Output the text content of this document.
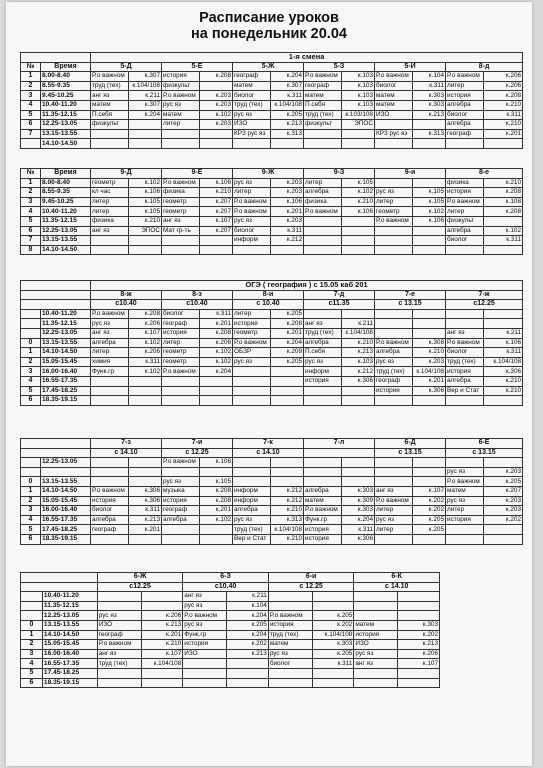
Расписание уроков
на понедельник 20.04
		1-я смена											
№	Время	5-Д		5-Е		5-Ж		5-З		5-И		8-д	
1	8.00-8.40	Р.о важном	к.307	история	к.208	географ	к.204	Р.о важном	к.103	Р.о важном	к.104	Р.о важном	к.206
2	8.55-9.35	труд (тех)	к.104/108	физкульт		матем	к.307	географ	к.103	биолог	к.311	литер	к.206
3	9.45-10.25	анг яз	к.211	Р.о важном	к.203	биолог	к.311	матем	к.103	матем	к.303	история	к.208
4	10.40-11.20	матем	к.307	рус яз	к.203	труд (тех)	к.104/108	П.себя	к.103	матем	к.303	алгебра	к.210
5	11.35-12.15	П.себя	к.204	матем	к.102	рус яз	к.205	труд (тех)	к.103/108	ИЗО	к.213	биолог	к.311
6	12.25-13.05	физкульт		литер	к.203	ИЗО	к.213	физкульт	ЭПОС			алгебра	к.210
7	13.15-13.55					КРЗ рус яз	к.313			КРЗ рус яз	к.313	географ	к.201
	14.10-14.50												
№	Время	9-Д		9-Е		9-Ж		9-З		9-и		8-е	
1	8.00-8.40	геометр	к.102	Р.о важном	к.106	рус яз	к.203	литер	к.105			физика	к.210
2	8.55-9.35	кл час	к.106	физика	к.210	литер	к.203	алгебра	к.102	рус яз	к.105	история	к.208
3	9.45-10.25	литер	к.105	геометр	к.207	Р.о важном	к.106	физика	к.210	литер	к.105	Р.о важном	к.108
4	10.40-11.20	литер	к.105	геометр	к.207	Р.о важном	к.201	Р.о важном	к.106	геометр	к.102	литер	к.208
5	11.35-12.15	физика	к.210	анг яз	к.107	рус яз	к.203			Р.о важном	к.106	физкульт	
6	12.25-13.05	анг яз	ЭПОС	Мат гр-ть	к.207	биолог	к.311					алгебра	к.102
7	13.15-13.55					информ	к.212					биолог	к.311
8	14.10-14.50												
		ОГЭ ( география ) с 15.05 каб 201											
		8-ж		8-з		8-и		7-д		7-е		7-ж	
		с10.40		с10.40		с 10.40		с11.35		с 13.15		с12.25	
	10.40-11.20	Р.о важном	к.208	биолог	к.311	литер	к.205						
	11.35-12.15	рус яз	к.206	географ	к.201	история	к.208	анг яз	к.211				
	12.25-13.05	анг яз	к.107	история	к.208	геометр	к.201	труд (тех)	к.104/108			анг яз	к.211
0	13.15-13.55	алгебра	к.102	литер	к.206	Р.о важном	к.204	алгебра	к.210	Р.о важном	к.308	Р.о важном	к.106
1	14.10-14.50	литер	к.206	геометр	к.102	ОБЗР	к.209	П.себя	к.213	алгебра	к.210	биолог	к.311
2	15.05-15.45	химия	к.311	геометр	к.102	рус яз	к.205	рус яз	к.103	рус яз	к.203	труд (тех)	к.104/108
3	16.00-16.40	Функ.гр	к.102	Р.о важном	к.204			информ	к.212	труд (тех)	к.104/108	история	к.306
4	16.55-17.35							история	к.306	географ	к.201	алгебра	к.210
5	17.45-18.25									история	к.306	Вер и Стат	к.210
6	18.35-19.15												
		7-з		7-и		7-к		7-л		6-Д		6-Е	
		с 14.10		с 12.25		с 14.10				с 13.15		с 13.15	
	12.25-13.05			Р.о важном	к.106								
												рус яз	к.203
0	13.15-13.55			рус яз	к.105							Р.о важном	к.205
1	14.10-14.50	Р.о важном	к.306	музыка	к.208	информ	к.212	алгебра	к.303	анг яз	к.107	матем	к.207
2	15.05-15.45	история	к.306	история	к.208	информ	к.212	матем	к.309	Р.о важном	к.202	рус яз	к.203
3	16.00-16.40	биолог	к.311	географ	к.201	алгебра	к.210	Р.о важном	к.303	литер	к.202	литер	к.203
4	16.55-17.35	алгебра	к.213	алгебра	к.102	рус яз	к.313	Функ.гр	к.204	рус яз	к.205	история	к.202
5	17.45-18.25	географ	к.201			труд (тех)	к.104/108	история	к.311	литер	к.205		
6	18.35-19.15					Вер и Стат	к.210	история	к.306				
		6-Ж		6-З		6-и		6-К	
		с12.25		с10.40		с 12.25		с 14.10	
	10.40-11.20			анг яз	к.211				
	11.35-12.15			рус яз	к.104				
	12.25-13.05	рус яз	к.206	Р.о важном	к.204	Р.о важном	к.205		
0	13.15-13.55	ИЗО	к.213	рус яз	к.205	история	к.202	матем	к.303
1	14.10-14.50	географ	к.201	Функ.гр	к.204	труд (тех)	к.104/108	история	к.202
2	15.05-15.45	Р.о важном	к.210	история	к.202	матем	к.303	ИЗО	к.213
3	16.00-16.40	анг яз	к.107	ИЗО	к.213	рус яз	к.205	рус яз	к.206
4	16.55-17.35	труд (тех)	к.104/108			биолог	к.311	анг яз	к.107
5	17.45-18.25								
6	18.35-19.15								
